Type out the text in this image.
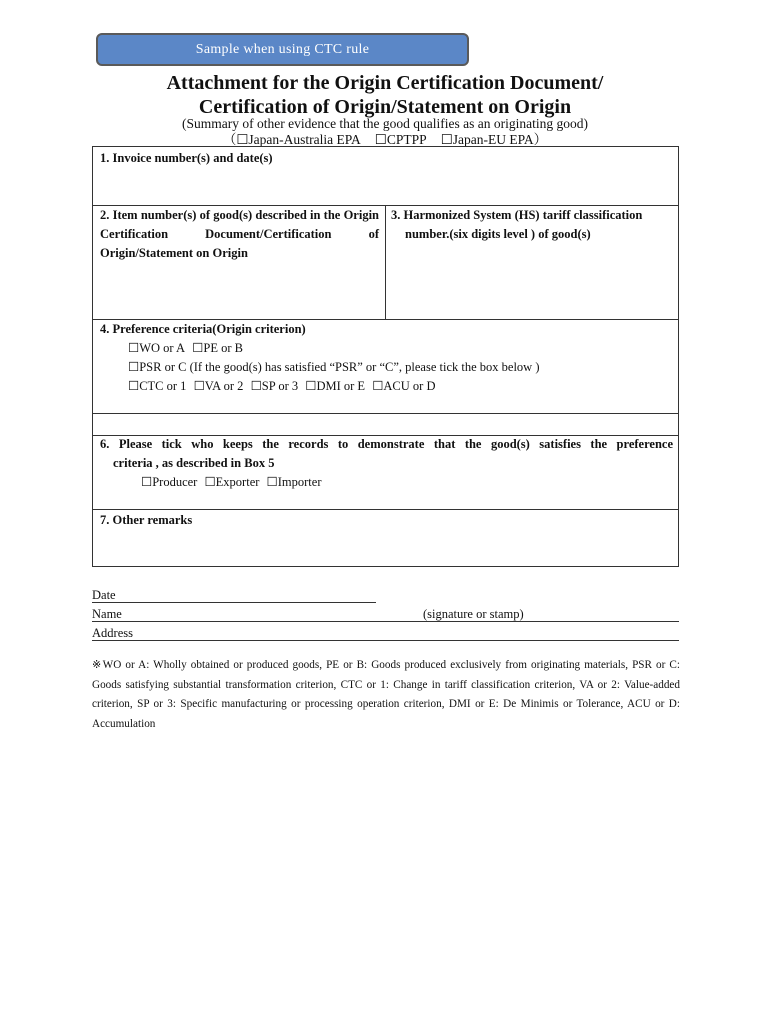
Sample when using CTC rule
Attachment for the Origin Certification Document/
Certification of Origin/Statement on Origin
(Summary of other evidence that the good qualifies as an originating good)
（☐Japan-Australia EPA ☐CPTPP ☐Japan-EU EPA）
1. Invoice number(s) and date(s)
2. Item number(s) of good(s) described in the Origin Certification Document/Certification of Origin/Statement on Origin
3. Harmonized System (HS) tariff classification
number.(six digits level ) of good(s)
4. Preference criteria(Origin criterion)
☐WO or A ☐PE or B
☐PSR or C (If the good(s) has satisfied “PSR” or “C”, please tick the box below )
☐CTC or 1 ☐VA or 2 ☐SP or 3 ☐DMI or E ☐ACU or D
6. Please tick who keeps the records to demonstrate that the good(s) satisfies the preference
criteria , as described in Box 5
☐Producer ☐Exporter ☐Importer
7. Other remarks
Date
Name	(signature or stamp)
Address
※WO or A: Wholly obtained or produced goods, PE or B: Goods produced exclusively from originating materials, PSR or C: Goods satisfying substantial transformation criterion, CTC or 1: Change in tariff classification criterion, VA or 2: Value-added criterion, SP or 3: Specific manufacturing or processing operation criterion, DMI or E: De Minimis or Tolerance, ACU or D: Accumulation
